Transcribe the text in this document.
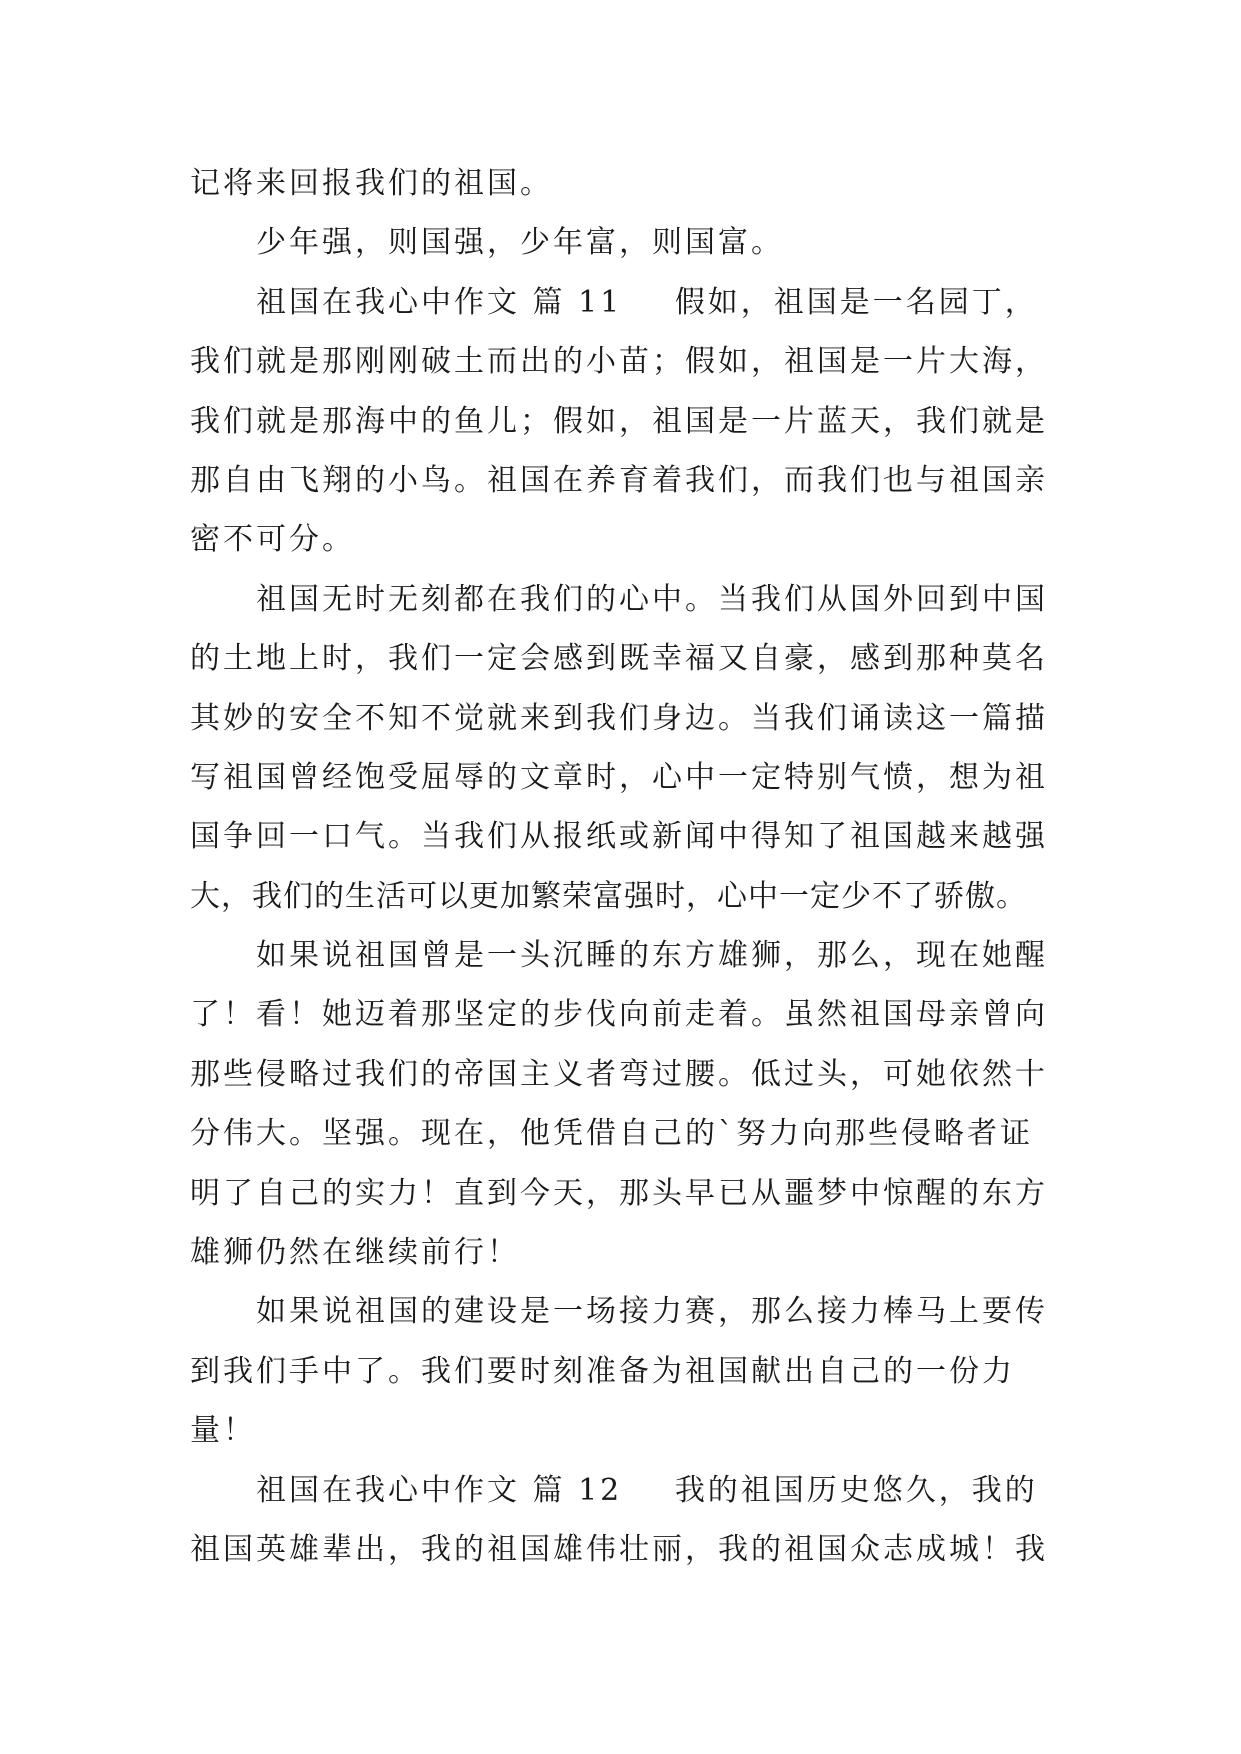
记将来回报我们的祖国。
少年强，则国强，少年富，则国富。
祖国在我心中作文 篇 11 假如，祖国是一名园丁，
我们就是那刚刚破土而出的小苗；假如，祖国是一片大海，
我们就是那海中的鱼儿；假如，祖国是一片蓝天，我们就是
那自由飞翔的小鸟。祖国在养育着我们，而我们也与祖国亲
密不可分。
祖国无时无刻都在我们的心中。当我们从国外回到中国
的土地上时，我们一定会感到既幸福又自豪，感到那种莫名
其妙的安全不知不觉就来到我们身边。当我们诵读这一篇描
写祖国曾经饱受屈辱的文章时，心中一定特别气愤，想为祖
国争回一口气。当我们从报纸或新闻中得知了祖国越来越强
大，我们的生活可以更加繁荣富强时，心中一定少不了骄傲。
如果说祖国曾是一头沉睡的东方雄狮，那么，现在她醒
了！看！她迈着那坚定的步伐向前走着。虽然祖国母亲曾向
那些侵略过我们的帝国主义者弯过腰。低过头，可她依然十
分伟大。坚强。现在，他凭借自己的`努力向那些侵略者证
明了自己的实力！直到今天，那头早已从噩梦中惊醒的东方
雄狮仍然在继续前行！
如果说祖国的建设是一场接力赛，那么接力棒马上要传
到我们手中了。我们要时刻准备为祖国献出自己的一份力
量！
祖国在我心中作文 篇 12 我的祖国历史悠久，我的
祖国英雄辈出，我的祖国雄伟壮丽，我的祖国众志成城！我
